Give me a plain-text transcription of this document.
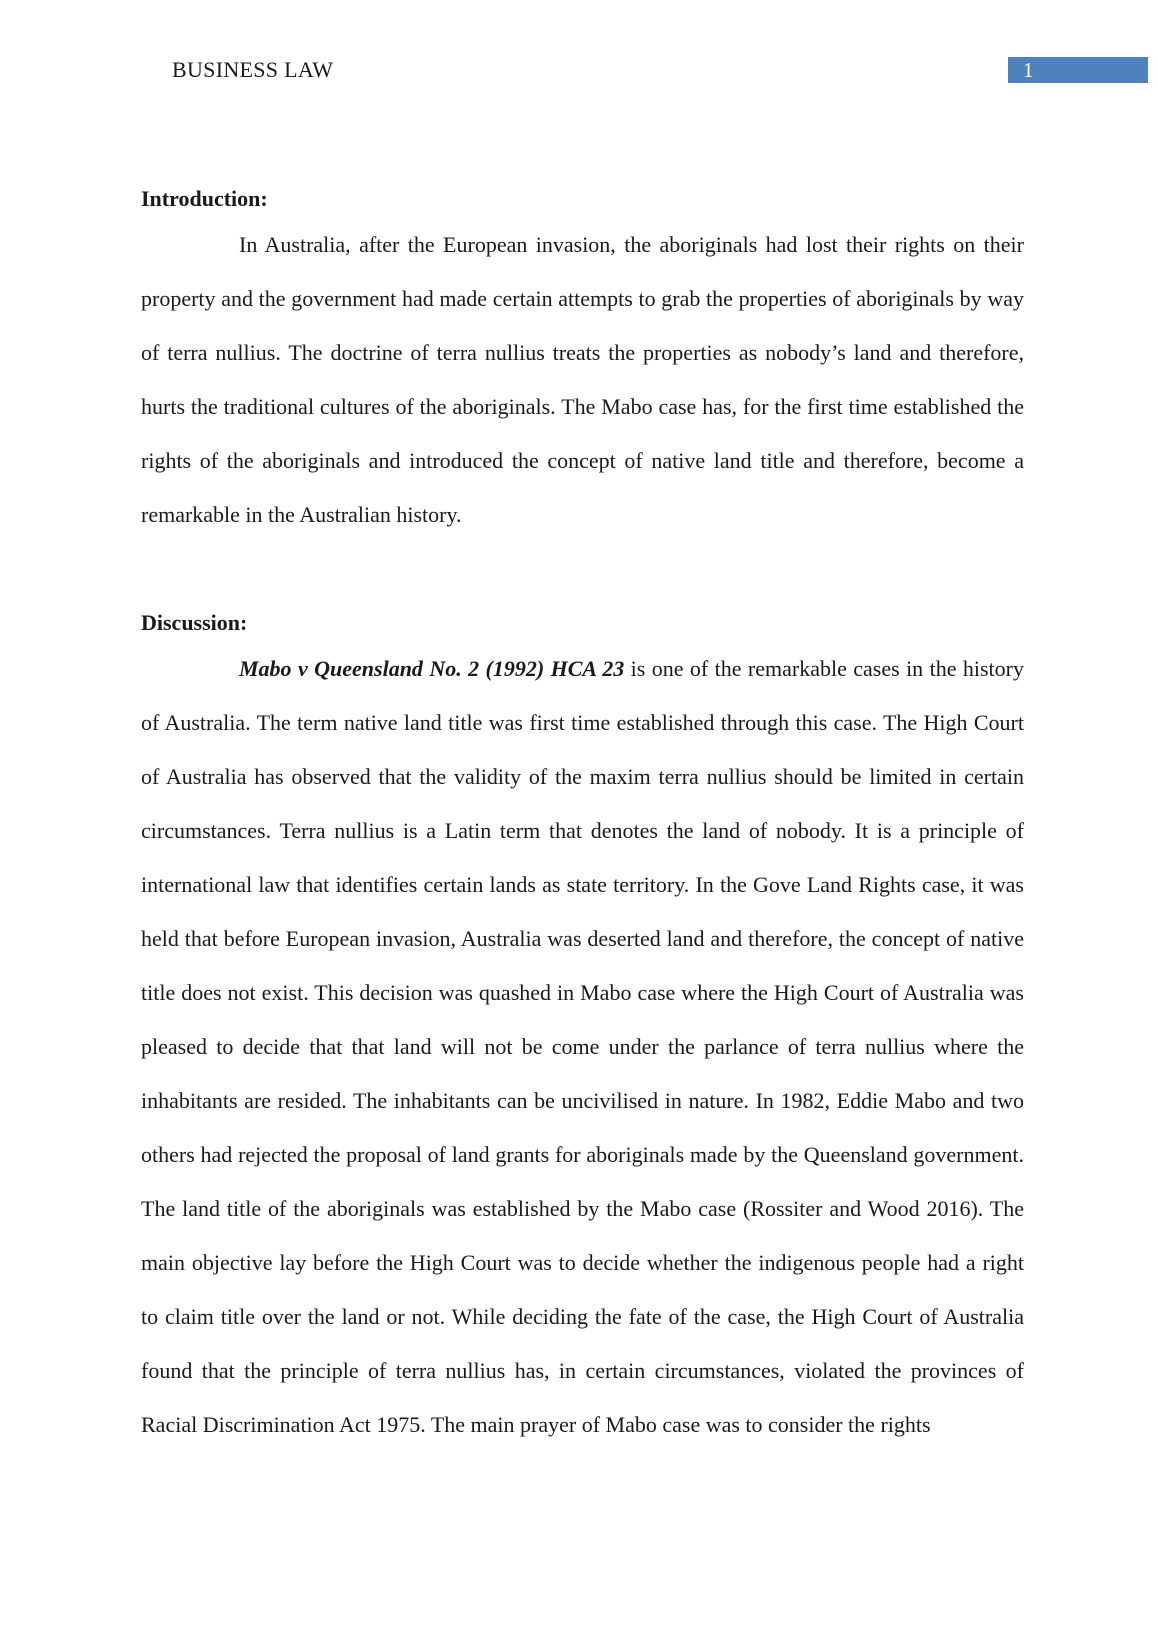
BUSINESS LAW	1

Introduction:

In Australia, after the European invasion, the aboriginals had lost their rights on their property and the government had made certain attempts to grab the properties of aboriginals by way of terra nullius. The doctrine of terra nullius treats the properties as nobody’s land and therefore, hurts the traditional cultures of the aboriginals. The Mabo case has, for the first time established the rights of the aboriginals and introduced the concept of native land title and therefore, become a remarkable in the Australian history.

Discussion:

Mabo v Queensland No. 2 (1992) HCA 23 is one of the remarkable cases in the history of Australia. The term native land title was first time established through this case. The High Court of Australia has observed that the validity of the maxim terra nullius should be limited in certain circumstances. Terra nullius is a Latin term that denotes the land of nobody. It is a principle of international law that identifies certain lands as state territory. In the Gove Land Rights case, it was held that before European invasion, Australia was deserted land and therefore, the concept of native title does not exist. This decision was quashed in Mabo case where the High Court of Australia was pleased to decide that that land will not be come under the parlance of terra nullius where the inhabitants are resided. The inhabitants can be uncivilised in nature. In 1982, Eddie Mabo and two others had rejected the proposal of land grants for aboriginals made by the Queensland government. The land title of the aboriginals was established by the Mabo case (Rossiter and Wood 2016). The main objective lay before the High Court was to decide whether the indigenous people had a right to claim title over the land or not. While deciding the fate of the case, the High Court of Australia found that the principle of terra nullius has, in certain circumstances, violated the provinces of Racial Discrimination Act 1975. The main prayer of Mabo case was to consider the rights
